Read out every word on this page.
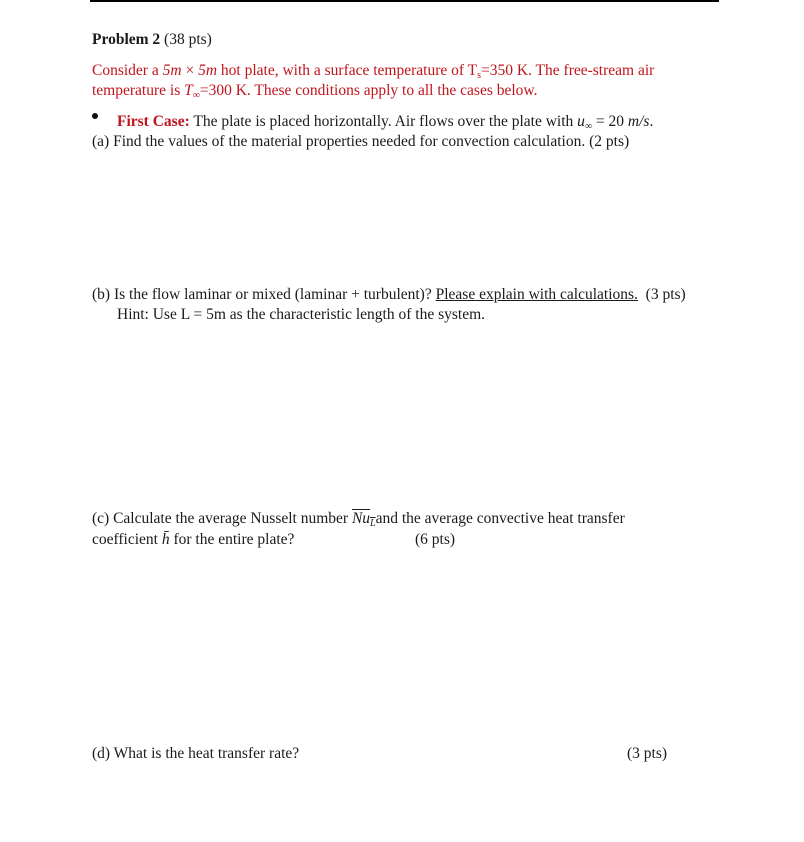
Problem 2 (38 pts)
Consider a 5m × 5m hot plate, with a surface temperature of $T_s=350$ K. The free-stream air
temperature is $T_\infty=300$ K. These conditions apply to all the cases below.
First Case: The plate is placed horizontally. Air flows over the plate with $u_\infty = 20$ m/s.
(a) Find the values of the material properties needed for convection calculation. (2 pts)
(b) Is the flow laminar or mixed (laminar + turbulent)? Please explain with calculations.  (3 pts)
Hint: Use L = 5m as the characteristic length of the system.
(c) Calculate the average Nusselt number $Nu_Land$ the average convective heat transfer
coefficient h̄ for the entire plate?	(6 pts)
(d) What is the heat transfer rate?	(3 pts)
